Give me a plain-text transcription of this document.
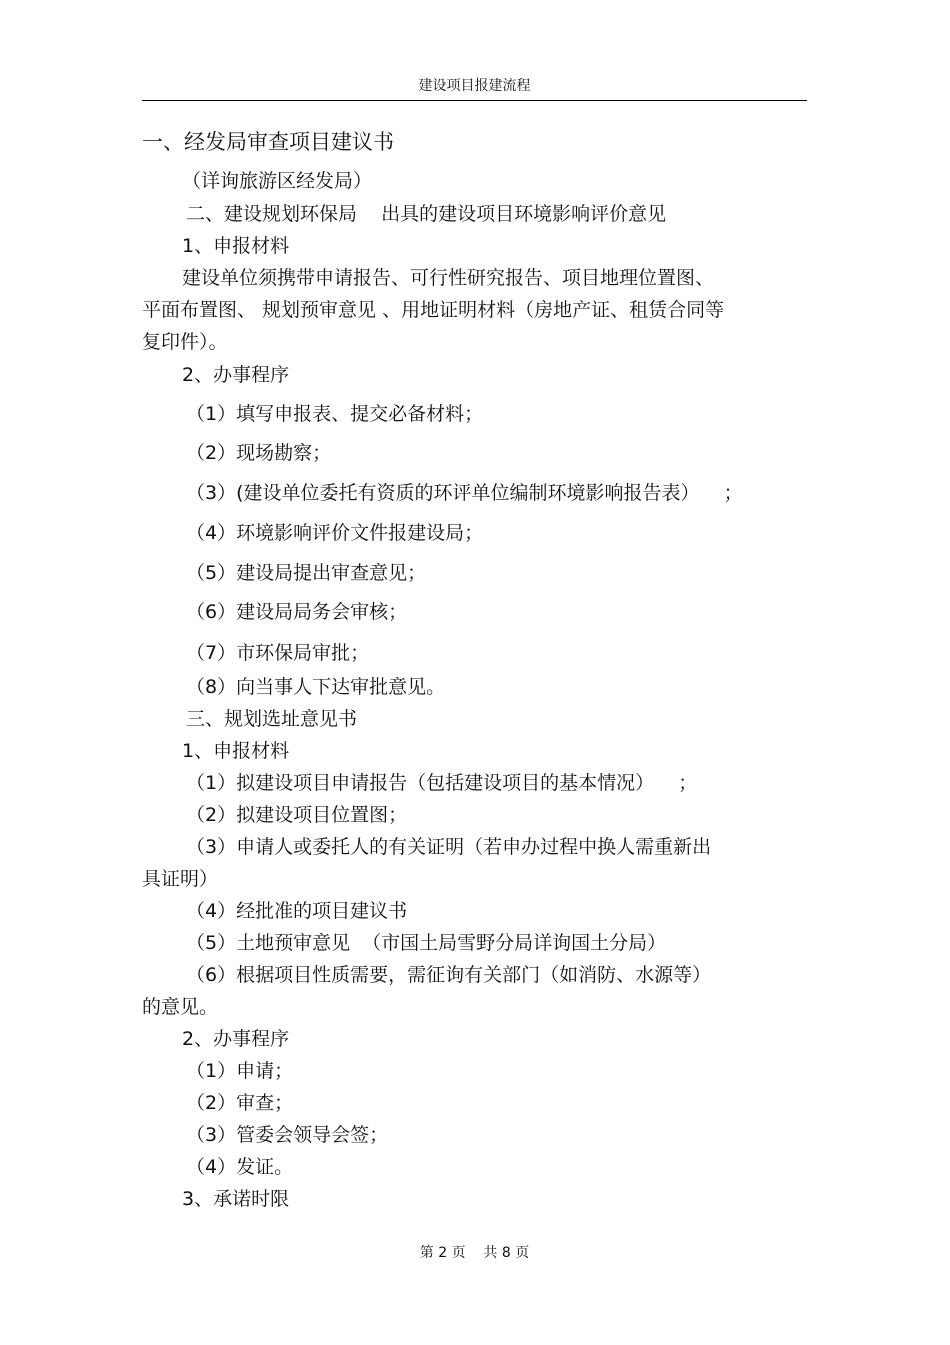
建设项目报建流程
一、经发局审查项目建议书
（详询旅游区经发局）
二、建设规划环保局    出具的建设项目环境影响评价意见
1、申报材料
建设单位须携带申请报告、可行性研究报告、项目地理位置图、
平面布置图、 规划预审意见 、用地证明材料（房地产证、租赁合同等
复印件）。
2、办事程序
（1）填写申报表、提交必备材料；
（2）现场勘察；
（3）(建设单位委托有资质的环评单位编制环境影响报告表）    ；
（4）环境影响评价文件报建设局；
（5）建设局提出审查意见；
（6）建设局局务会审核；
（7）市环保局审批；
（8）向当事人下达审批意见。
三、规划选址意见书
1、申报材料
（1）拟建设项目申请报告（包括建设项目的基本情况）    ；
（2）拟建设项目位置图；
（3）申请人或委托人的有关证明（若申办过程中换人需重新出
具证明）
（4）经批准的项目建议书
（5）土地预审意见  （市国土局雪野分局详询国土分局）
（6）根据项目性质需要，需征询有关部门（如消防、水源等）
的意见。
2、办事程序
（1）申请；
（2）审查；
（3）管委会领导会签；
（4）发证。
3、承诺时限
第 2 页    共 8 页
